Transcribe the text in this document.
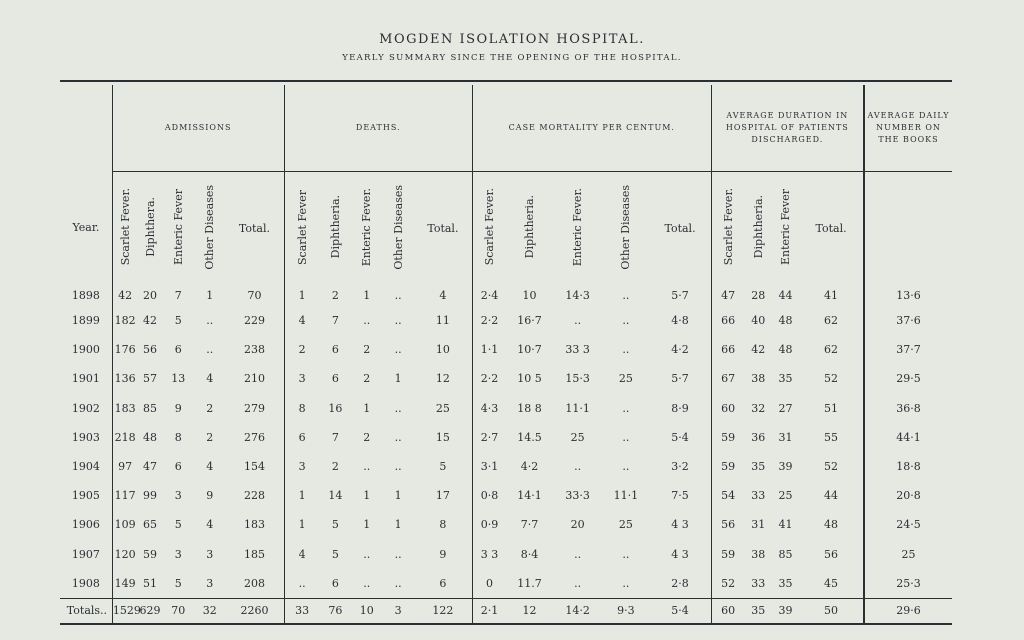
MOGDEN ISOLATION HOSPITAL.
YEARLY SUMMARY SINCE THE OPENING OF THE HOSPITAL.

	ADMISSIONS					DEATHS.					CASE MORTALITY PER CENTUM.					AVERAGE DURATION IN HOSPITAL OF PATIENTS DISCHARGED.				AVERAGE DAILY NUMBER ON THE BOOKS
Year.	Scarlet Fever.	Diphthera.	Enteric Fever	Other Diseases	Total.	Scarlet Fever	Diphtheria.	Enteric Fever.	Other Diseases	Total.	Scarlet Fever.	Diphtheria.	Enteric Fever.	Other Diseases	Total.	Scarlet Fever.	Diphtheria.	Enteric Fever	Total.	
1898	42	20	7	1	70	1	2	1	..	4	2·4	10	14·3	..	5·7	47	28	44	41	13·6
1899	182	42	5	..	229	4	7	..	..	11	2·2	16·7	..	..	4·8	66	40	48	62	37·6
1900	176	56	6	..	238	2	6	2	..	10	1·1	10·7	33 3	..	4·2	66	42	48	62	37·7
1901	136	57	13	4	210	3	6	2	1	12	2·2	10 5	15·3	25	5·7	67	38	35	52	29·5
1902	183	85	9	2	279	8	16	1	..	25	4·3	18 8	11·1	..	8·9	60	32	27	51	36·8
1903	218	48	8	2	276	6	7	2	..	15	2·7	14.5	25	..	5·4	59	36	31	55	44·1
1904	97	47	6	4	154	3	2	..	..	5	3·1	4·2	..	..	3·2	59	35	39	52	18·8
1905	117	99	3	9	228	1	14	1	1	17	0·8	14·1	33·3	11·1	7·5	54	33	25	44	20·8
1906	109	65	5	4	183	1	5	1	1	8	0·9	7·7	20	25	4 3	56	31	41	48	24·5
1907	120	59	3	3	185	4	5	..	..	9	3 3	8·4	..	..	4 3	59	38	85	56	25
1908	149	51	5	3	208	..	6	..	..	6	0	11.7	..	..	2·8	52	33	35	45	25·3
Totals..	1529	629	70	32	2260	33	76	10	3	122	2·1	12	14·2	9·3	5·4	60	35	39	50	29·6
